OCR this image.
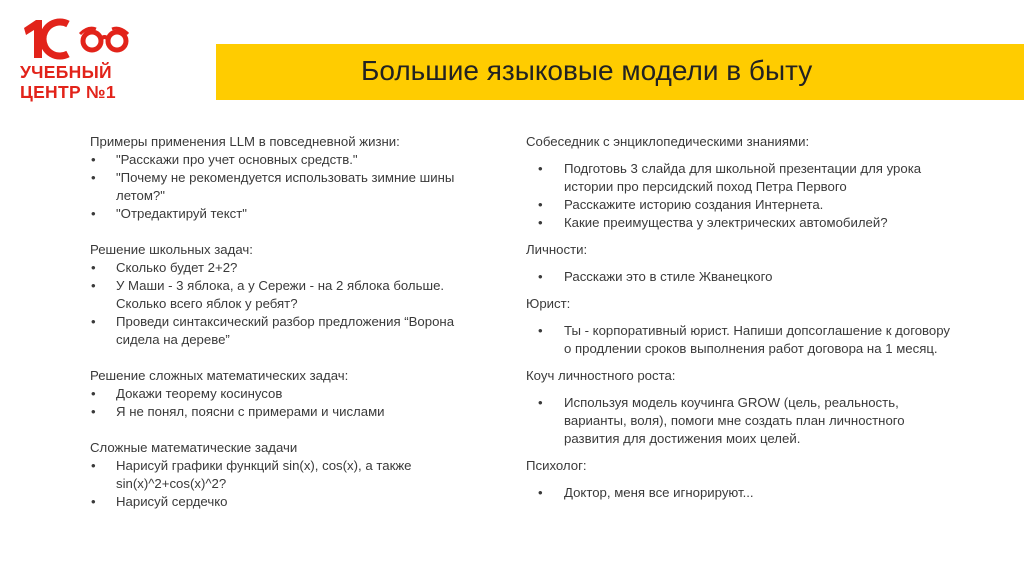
УЧЕБНЫЙ
ЦЕНТР №1
Большие языковые модели в быту

Примеры применения LLM в повседневной жизни:

• "Расскажи про учет основных средств."
• "Почему не рекомендуется использовать зимние шины летом?"
• "Отредактируй текст"

Решение школьных задач:

• Сколько будет 2+2?
• У Маши - 3 яблока, а у Сережи - на 2 яблока больше. Сколько всего яблок у ребят?
• Проведи синтаксический разбор предложения “Ворона сидела на дереве”

Решение сложных математических задач:

• Докажи теорему косинусов
• Я не понял, поясни с примерами и числами

Сложные математические задачи

• Нарисуй графики функций sin(x), cos(x), а также sin(x)^2+cos(x)^2?
• Нарисуй сердечко

Собеседник с энциклопедическими знаниями:

• Подготовь 3 слайда для школьной презентации для урока истории про персидский поход Петра Первого
• Расскажите историю создания Интернета.
• Какие преимущества у электрических автомобилей?

Личности:

• Расскажи это в стиле Жванецкого

Юрист:

• Ты - корпоративный юрист. Напиши допсоглашение к договору о продлении сроков выполнения работ договора на 1 месяц.

Коуч личностного роста:

• Используя модель коучинга GROW (цель, реальность, варианты, воля), помоги мне создать план личностного развития для достижения моих целей.

Психолог:

• Доктор, меня все игнорируют...
